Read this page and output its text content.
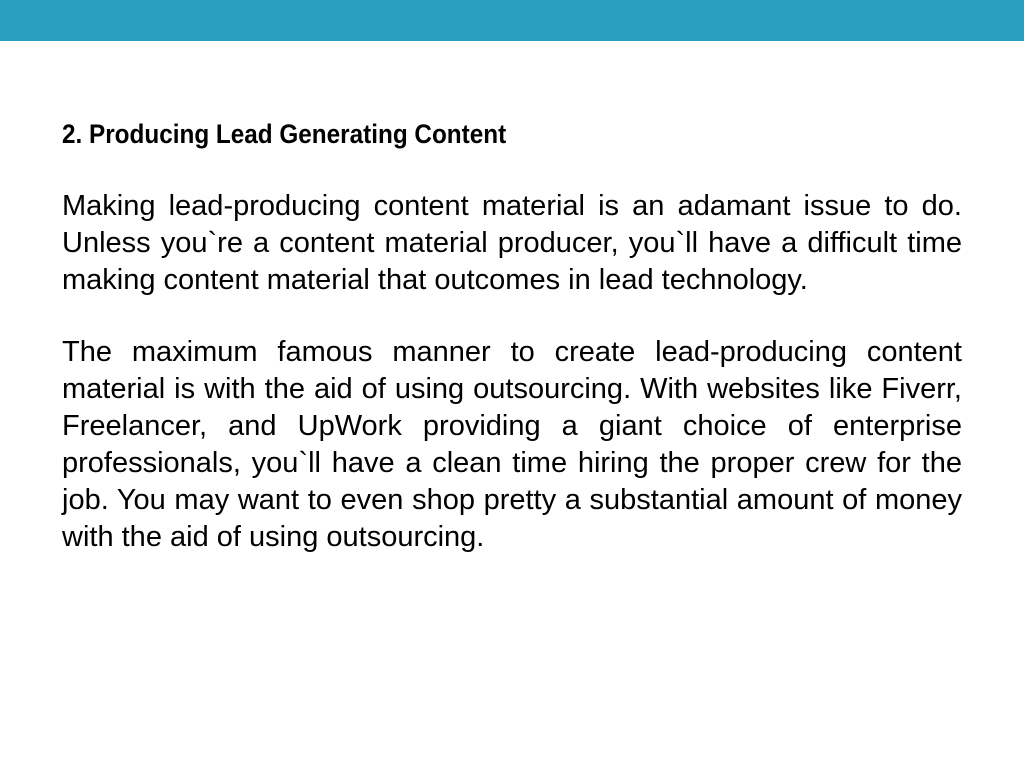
2. Producing Lead Generating Content

Making lead-producing content material is an adamant issue to do. Unless you`re a content material producer, you`ll have a difficult time making content material that outcomes in lead technology.

The maximum famous manner to create lead-producing content material is with the aid of using outsourcing. With websites like Fiverr, Freelancer, and UpWork providing a giant choice of enterprise professionals, you`ll have a clean time hiring the proper crew for the job. You may want to even shop pretty a substantial amount of money with the aid of using outsourcing.
